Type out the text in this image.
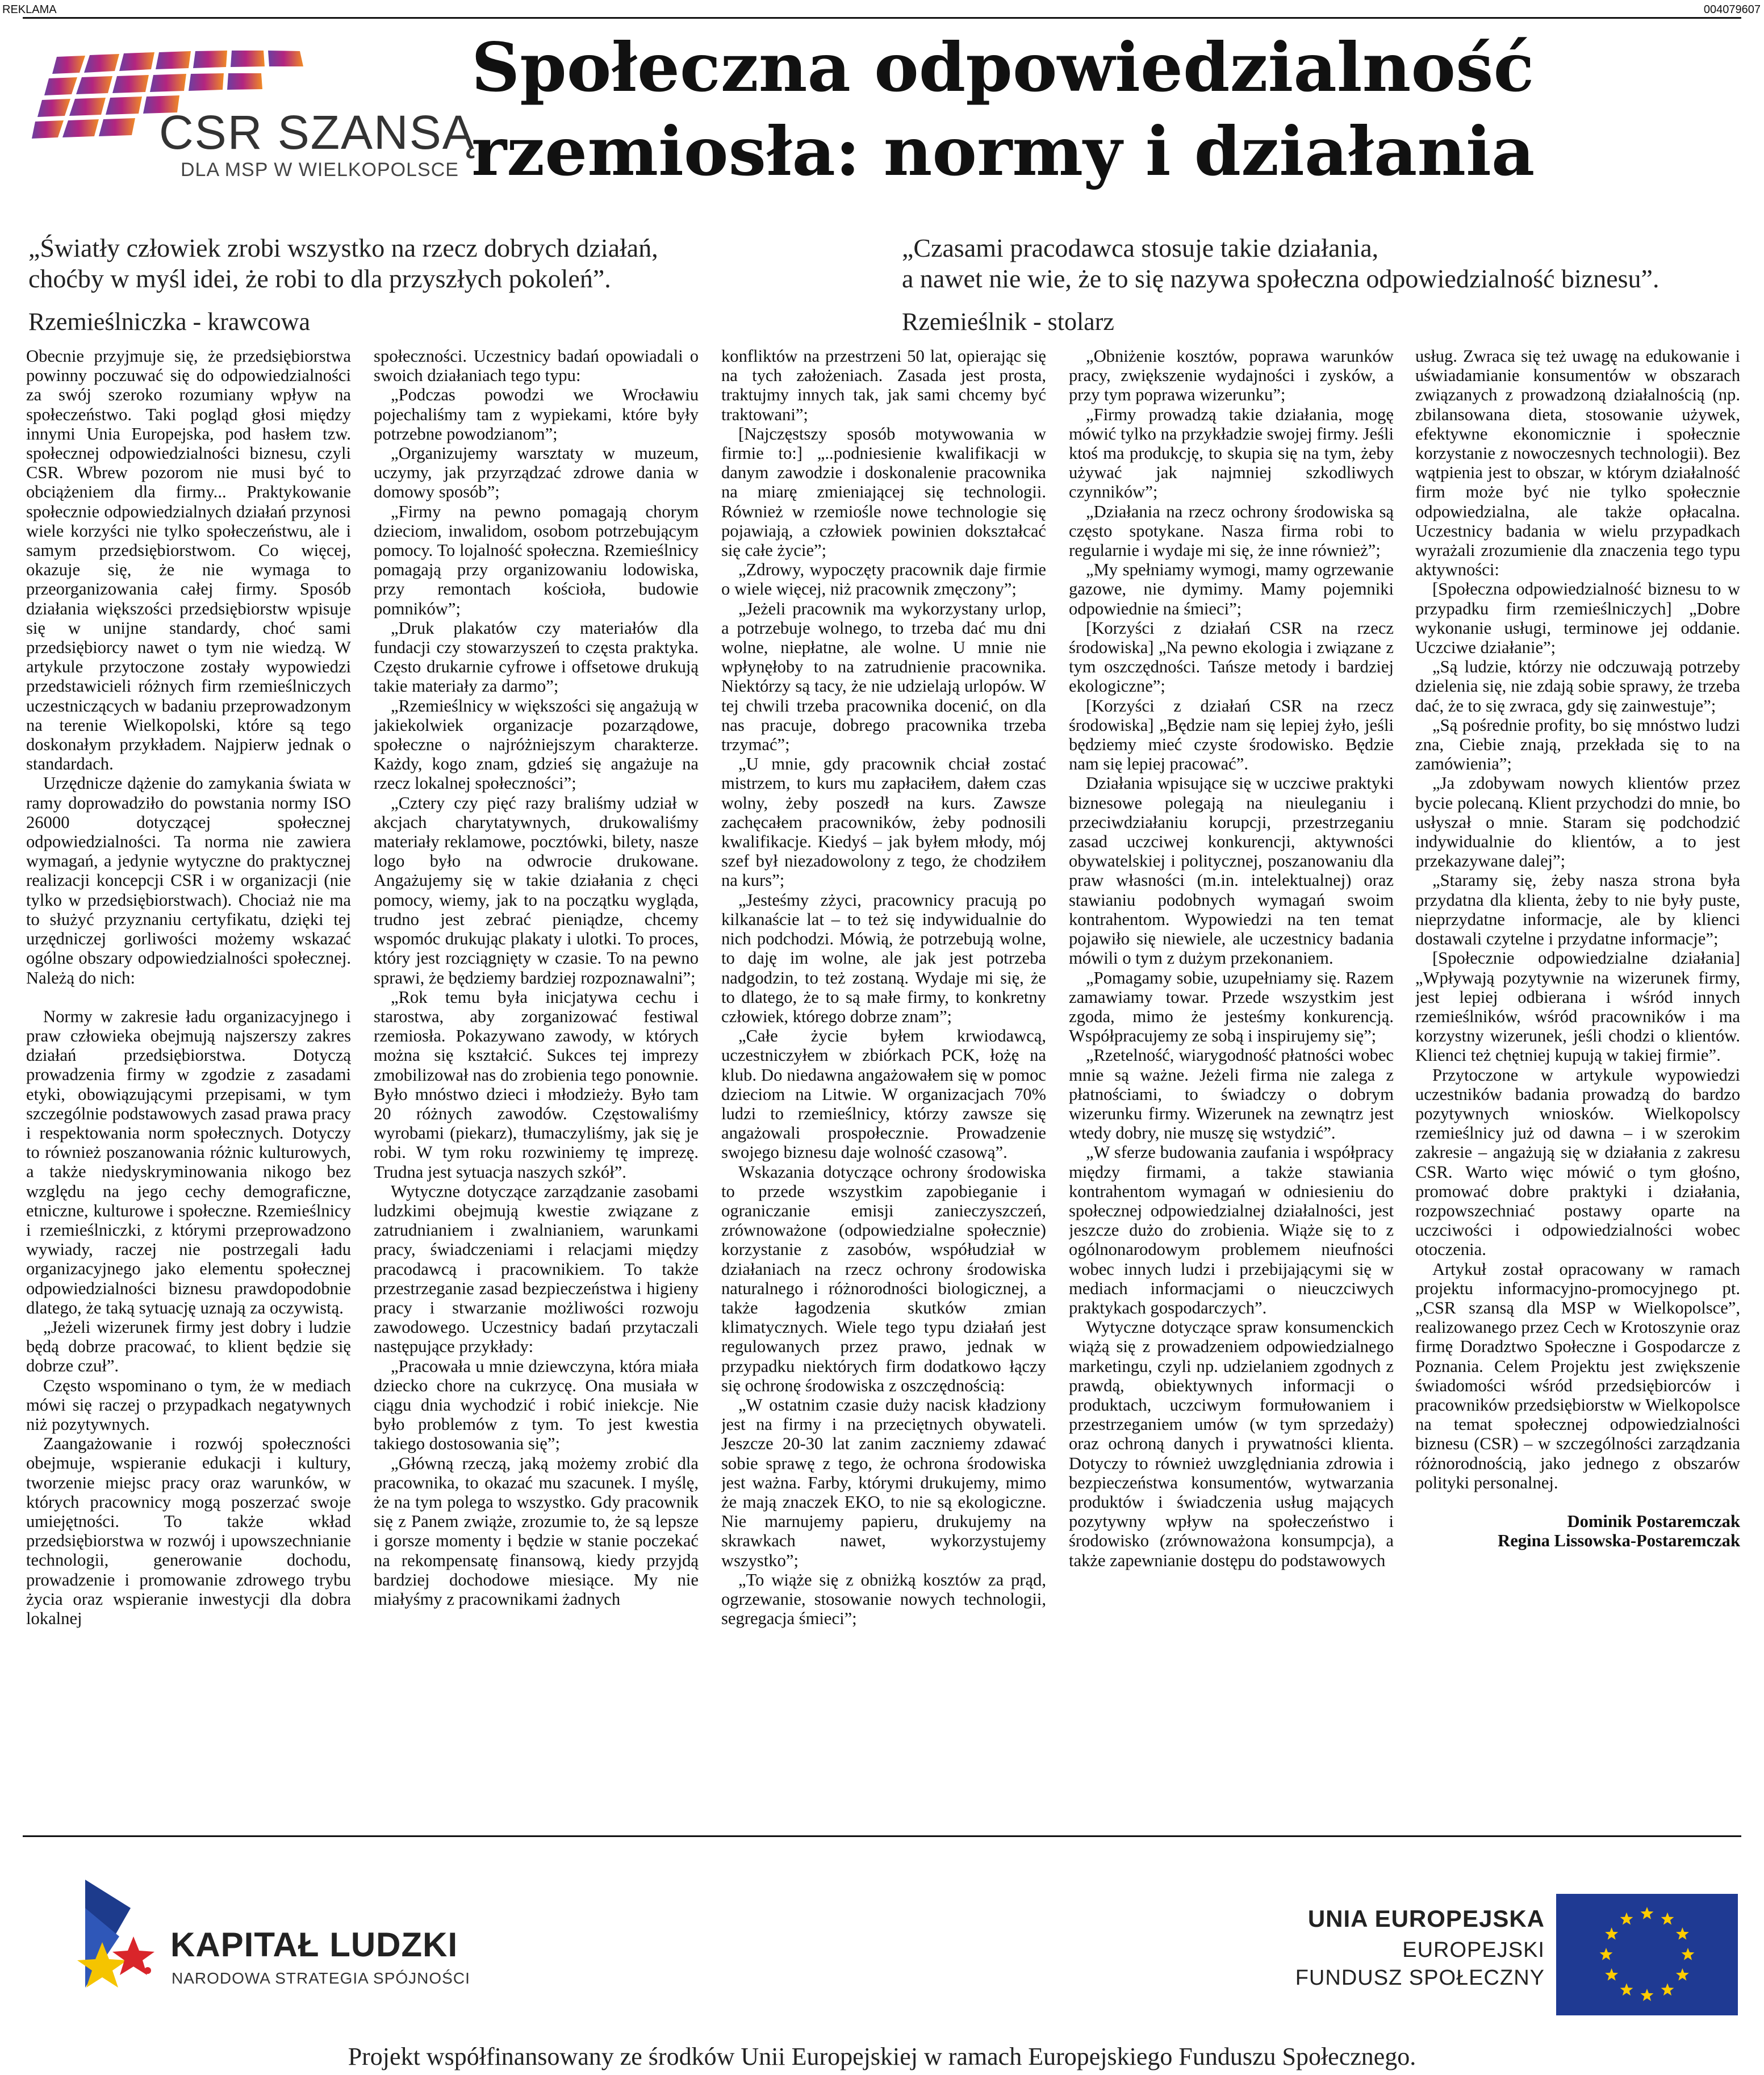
REKLAMA	004079607
CSR SZANSĄ
DLA MSP W WIELKOPOLSCE
Społeczna odpowiedzialność
rzemiosła: normy i działania
„Światły człowiek zrobi wszystko na rzecz dobrych działań,
choćby w myśl idei, że robi to dla przyszłych pokoleń”.
Rzemieślniczka - krawcowa
„Czasami pracodawca stosuje takie działania,
a nawet nie wie, że to się nazywa społeczna odpowiedzialność biznesu”.
Rzemieślnik - stolarz

Obecnie przyjmuje się, że przedsiębiorstwa powinny poczuwać się do odpowiedzialności za swój szeroko rozumiany wpływ na społeczeństwo. Taki pogląd głosi między innymi Unia Europejska, pod hasłem tzw. społecznej odpowiedzialności biznesu, czyli CSR. Wbrew pozorom nie musi być to obciążeniem dla firmy... Praktykowanie społecznie odpowiedzialnych działań przynosi wiele korzyści nie tylko społeczeństwu, ale i samym przedsiębiorstwom. Co więcej, okazuje się, że nie wymaga to przeorganizowania całej firmy. Sposób działania większości przedsiębiorstw wpisuje się w unijne standardy, choć sami przedsiębiorcy nawet o tym nie wiedzą. W artykule przytoczone zostały wypowiedzi przedstawicieli różnych firm rzemieślniczych uczestniczących w badaniu przeprowadzonym na terenie Wielkopolski, które są tego doskonałym przykładem. Najpierw jednak o standardach.

Urzędnicze dążenie do zamykania świata w ramy doprowadziło do powstania normy ISO 26000 dotyczącej społecznej odpowiedzialności. Ta norma nie zawiera wymagań, a jedynie wytyczne do praktycznej realizacji koncepcji CSR i w organizacji (nie tylko w przedsiębiorstwach). Chociaż nie ma to służyć przyznaniu certyfikatu, dzięki tej urzędniczej gorliwości możemy wskazać ogólne obszary odpowiedzialności społecznej. Należą do nich:

Normy w zakresie ładu organizacyjnego i praw człowieka obejmują najszerszy zakres działań przedsiębiorstwa. Dotyczą prowadzenia firmy w zgodzie z zasadami etyki, obowiązującymi przepisami, w tym szczególnie podstawowych zasad prawa pracy i respektowania norm społecznych. Dotyczy to również poszanowania różnic kulturowych, a także niedyskryminowania nikogo bez względu na jego cechy demograficzne, etniczne, kulturowe i społeczne. Rzemieślnicy i rzemieślniczki, z którymi przeprowadzono wywiady, raczej nie postrzegali ładu organizacyjnego jako elementu społecznej odpowiedzialności biznesu prawdopodobnie dlatego, że taką sytuację uznają za oczywistą.

„Jeżeli wizerunek firmy jest dobry i ludzie będą dobrze pracować, to klient będzie się dobrze czuł”.

Często wspominano o tym, że w mediach mówi się raczej o przypadkach negatywnych niż pozytywnych.

Zaangażowanie i rozwój społeczności obejmuje, wspieranie edukacji i kultury, tworzenie miejsc pracy oraz warunków, w których pracownicy mogą poszerzać swoje umiejętności. To także wkład przedsiębiorstwa w rozwój i upowszechnianie technologii, generowanie dochodu, prowadzenie i promowanie zdrowego trybu życia oraz wspieranie inwestycji dla dobra lokalnej

społeczności. Uczestnicy badań opowiadali o swoich działaniach tego typu:

„Podczas powodzi we Wrocławiu pojechaliśmy tam z wypiekami, które były potrzebne powodzianom”;

„Organizujemy warsztaty w muzeum, uczymy, jak przyrządzać zdrowe dania w domowy sposób”;

„Firmy na pewno pomagają chorym dzieciom, inwalidom, osobom potrzebującym pomocy. To lojalność społeczna. Rzemieślnicy pomagają przy organizowaniu lodowiska, przy remontach kościoła, budowie pomników”;

„Druk plakatów czy materiałów dla fundacji czy stowarzyszeń to częsta praktyka. Często drukarnie cyfrowe i offsetowe drukują takie materiały za darmo”;

„Rzemieślnicy w większości się angażują w jakiekolwiek organizacje pozarządowe, społeczne o najróżniejszym charakterze. Każdy, kogo znam, gdzieś się angażuje na rzecz lokalnej społeczności”;

„Cztery czy pięć razy braliśmy udział w akcjach charytatywnych, drukowaliśmy materiały reklamowe, pocztówki, bilety, nasze logo było na odwrocie drukowane. Angażujemy się w takie działania z chęci pomocy, wiemy, jak to na początku wygląda, trudno jest zebrać pieniądze, chcemy wspomóc drukując plakaty i ulotki. To proces, który jest rozciągnięty w czasie. To na pewno sprawi, że będziemy bardziej rozpoznawalni”;

„Rok temu była inicjatywa cechu i starostwa, aby zorganizować festiwal rzemiosła. Pokazywano zawody, w których można się kształcić. Sukces tej imprezy zmobilizował nas do zrobienia tego ponownie. Było mnóstwo dzieci i młodzieży. Było tam 20 różnych zawodów. Częstowaliśmy wyrobami (piekarz), tłumaczyliśmy, jak się je robi. W tym roku rozwiniemy tę imprezę. Trudna jest sytuacja naszych szkół”.

Wytyczne dotyczące zarządzanie zasobami ludzkimi obejmują kwestie związane z zatrudnianiem i zwalnianiem, warunkami pracy, świadczeniami i relacjami między pracodawcą i pracownikiem. To także przestrzeganie zasad bezpieczeństwa i higieny pracy i stwarzanie możliwości rozwoju zawodowego. Uczestnicy badań przytaczali następujące przykłady:

„Pracowała u mnie dziewczyna, która miała dziecko chore na cukrzycę. Ona musiała w ciągu dnia wychodzić i robić iniekcje. Nie było problemów z tym. To jest kwestia takiego dostosowania się”;

„Główną rzeczą, jaką możemy zrobić dla pracownika, to okazać mu szacunek. I myślę, że na tym polega to wszystko. Gdy pracownik się z Panem zwiąże, zrozumie to, że są lepsze i gorsze momenty i będzie w stanie poczekać na rekompensatę finansową, kiedy przyjdą bardziej dochodowe miesiące. My nie miałyśmy z pracownikami żadnych

konfliktów na przestrzeni 50 lat, opierając się na tych założeniach. Zasada jest prosta, traktujmy innych tak, jak sami chcemy być traktowani”;

[Najczęstszy sposób motywowania w firmie to:] „..podniesienie kwalifikacji w danym zawodzie i doskonalenie pracownika na miarę zmieniającej się technologii. Również w rzemiośle nowe technologie się pojawiają, a człowiek powinien dokształcać się całe życie”;

„Zdrowy, wypoczęty pracownik daje firmie o wiele więcej, niż pracownik zmęczony”;

„Jeżeli pracownik ma wykorzystany urlop, a potrzebuje wolnego, to trzeba dać mu dni wolne, niepłatne, ale wolne. U mnie nie wpłynęłoby to na zatrudnienie pracownika. Niektórzy są tacy, że nie udzielają urlopów. W tej chwili trzeba pracownika docenić, on dla nas pracuje, dobrego pracownika trzeba trzymać”;

„U mnie, gdy pracownik chciał zostać mistrzem, to kurs mu zapłaciłem, dałem czas wolny, żeby poszedł na kurs. Zawsze zachęcałem pracowników, żeby podnosili kwalifikacje. Kiedyś – jak byłem młody, mój szef był niezadowolony z tego, że chodziłem na kurs”;

„Jesteśmy zżyci, pracownicy pracują po kilkanaście lat – to też się indywidualnie do nich podchodzi. Mówią, że potrzebują wolne, to daję im wolne, ale jak jest potrzeba nadgodzin, to też zostaną. Wydaje mi się, że to dlatego, że to są małe firmy, to konkretny człowiek, którego dobrze znam”;

„Całe życie byłem krwiodawcą, uczestniczyłem w zbiórkach PCK, łożę na klub. Do niedawna angażowałem się w pomoc dzieciom na Litwie. W organizacjach 70% ludzi to rzemieślnicy, którzy zawsze się angażowali prospołecznie. Prowadzenie swojego biznesu daje wolność czasową”.

Wskazania dotyczące ochrony środowiska to przede wszystkim zapobieganie i ograniczanie emisji zanieczyszczeń, zrównoważone (odpowiedzialne społecznie) korzystanie z zasobów, współudział w działaniach na rzecz ochrony środowiska naturalnego i różnorodności biologicznej, a także łagodzenia skutków zmian klimatycznych. Wiele tego typu działań jest regulowanych przez prawo, jednak w przypadku niektórych firm dodatkowo łączy się ochronę środowiska z oszczędnością:

„W ostatnim czasie duży nacisk kładziony jest na firmy i na przeciętnych obywateli. Jeszcze 20-30 lat zanim zaczniemy zdawać sobie sprawę z tego, że ochrona środowiska jest ważna. Farby, którymi drukujemy, mimo że mają znaczek EKO, to nie są ekologiczne. Nie marnujemy papieru, drukujemy na skrawkach nawet, wykorzystujemy wszystko”;

„To wiąże się z obniżką kosztów za prąd, ogrzewanie, stosowanie nowych technologii, segregacja śmieci”;

„Obniżenie kosztów, poprawa warunków pracy, zwiększenie wydajności i zysków, a przy tym poprawa wizerunku”;

„Firmy prowadzą takie działania, mogę mówić tylko na przykładzie swojej firmy. Jeśli ktoś ma produkcję, to skupia się na tym, żeby używać jak najmniej szkodliwych czynników”;

„Działania na rzecz ochrony środowiska są często spotykane. Nasza firma robi to regularnie i wydaje mi się, że inne również”;

„My spełniamy wymogi, mamy ogrzewanie gazowe, nie dymimy. Mamy pojemniki odpowiednie na śmieci”;

[Korzyści z działań CSR na rzecz środowiska] „Na pewno ekologia i związane z tym oszczędności. Tańsze metody i bardziej ekologiczne”;

[Korzyści z działań CSR na rzecz środowiska] „Będzie nam się lepiej żyło, jeśli będziemy mieć czyste środowisko. Będzie nam się lepiej pracować”.

Działania wpisujące się w uczciwe praktyki biznesowe polegają na nieuleganiu i przeciwdziałaniu korupcji, przestrzeganiu zasad uczciwej konkurencji, aktywności obywatelskiej i politycznej, poszanowaniu dla praw własności (m.in. intelektualnej) oraz stawianiu podobnych wymagań swoim kontrahentom. Wypowiedzi na ten temat pojawiło się niewiele, ale uczestnicy badania mówili o tym z dużym przekonaniem.

„Pomagamy sobie, uzupełniamy się. Razem zamawiamy towar. Przede wszystkim jest zgoda, mimo że jesteśmy konkurencją. Współpracujemy ze sobą i inspirujemy się”;

„Rzetelność, wiarygodność płatności wobec mnie są ważne. Jeżeli firma nie zalega z płatnościami, to świadczy o dobrym wizerunku firmy. Wizerunek na zewnątrz jest wtedy dobry, nie muszę się wstydzić”.

„W sferze budowania zaufania i współpracy między firmami, a także stawiania kontrahentom wymagań w odniesieniu do społecznej odpowiedzialnej działalności, jest jeszcze dużo do zrobienia. Wiąże się to z ogólnonarodowym problemem nieufności wobec innych ludzi i przebijającymi się w mediach informacjami o nieuczciwych praktykach gospodarczych”.

Wytyczne dotyczące spraw konsumenckich wiążą się z prowadzeniem odpowiedzialnego marketingu, czyli np. udzielaniem zgodnych z prawdą, obiektywnych informacji o produktach, uczciwym formułowaniem i przestrzeganiem umów (w tym sprzedaży) oraz ochroną danych i prywatności klienta. Dotyczy to również uwzględniania zdrowia i bezpieczeństwa konsumentów, wytwarzania produktów i świadczenia usług mających pozytywny wpływ na społeczeństwo i środowisko (zrównoważona konsumpcja), a także zapewnianie dostępu do podstawowych

usług. Zwraca się też uwagę na edukowanie i uświadamianie konsumentów w obszarach związanych z prowadzoną działalnością (np. zbilansowana dieta, stosowanie używek, efektywne ekonomicznie i społecznie korzystanie z nowoczesnych technologii). Bez wątpienia jest to obszar, w którym działalność firm może być nie tylko społecznie odpowiedzialna, ale także opłacalna. Uczestnicy badania w wielu przypadkach wyrażali zrozumienie dla znaczenia tego typu aktywności:

[Społeczna odpowiedzialność biznesu to w przypadku firm rzemieślniczych] „Dobre wykonanie usługi, terminowe jej oddanie. Uczciwe działanie”;

„Są ludzie, którzy nie odczuwają potrzeby dzielenia się, nie zdają sobie sprawy, że trzeba dać, że to się zwraca, gdy się zainwestuje”;

„Są pośrednie profity, bo się mnóstwo ludzi zna, Ciebie znają, przekłada się to na zamówienia”;

„Ja zdobywam nowych klientów przez bycie polecaną. Klient przychodzi do mnie, bo usłyszał o mnie. Staram się podchodzić indywidualnie do klientów, a to jest przekazywane dalej”;

„Staramy się, żeby nasza strona była przydatna dla klienta, żeby to nie były puste, nieprzydatne informacje, ale by klienci dostawali czytelne i przydatne informacje”;

[Społecznie odpowiedzialne działania] „Wpływają pozytywnie na wizerunek firmy, jest lepiej odbierana i wśród innych rzemieślników, wśród pracowników i ma korzystny wizerunek, jeśli chodzi o klientów. Klienci też chętniej kupują w takiej firmie”.

Przytoczone w artykule wypowiedzi uczestników badania prowadzą do bardzo pozytywnych wniosków. Wielkopolscy rzemieślnicy już od dawna – i w szerokim zakresie – angażują się w działania z zakresu CSR. Warto więc mówić o tym głośno, promować dobre praktyki i działania, rozpowszechniać postawy oparte na uczciwości i odpowiedzialności wobec otoczenia.

Artykuł został opracowany w ramach projektu informacyjno-promocyjnego pt. „CSR szansą dla MSP w Wielkopolsce”, realizowanego przez Cech w Krotoszynie oraz firmę Doradztwo Społeczne i Gospodarcze z Poznania. Celem Projektu jest zwiększenie świadomości wśród przedsiębiorców i pracowników przedsiębiorstw w Wielkopolsce na temat społecznej odpowiedzialności biznesu (CSR) – w szczególności zarządzania różnorodnością, jako jednego z obszarów polityki personalnej.

Dominik Postaremczak

Regina Lissowska-Postaremczak

KAPITAŁ LUDZKI
NARODOWA STRATEGIA SPÓJNOŚCI
UNIA EUROPEJSKA
EUROPEJSKI
FUNDUSZ SPOŁECZNY
Projekt współfinansowany ze środków Unii Europejskiej w ramach Europejskiego Funduszu Społecznego.
